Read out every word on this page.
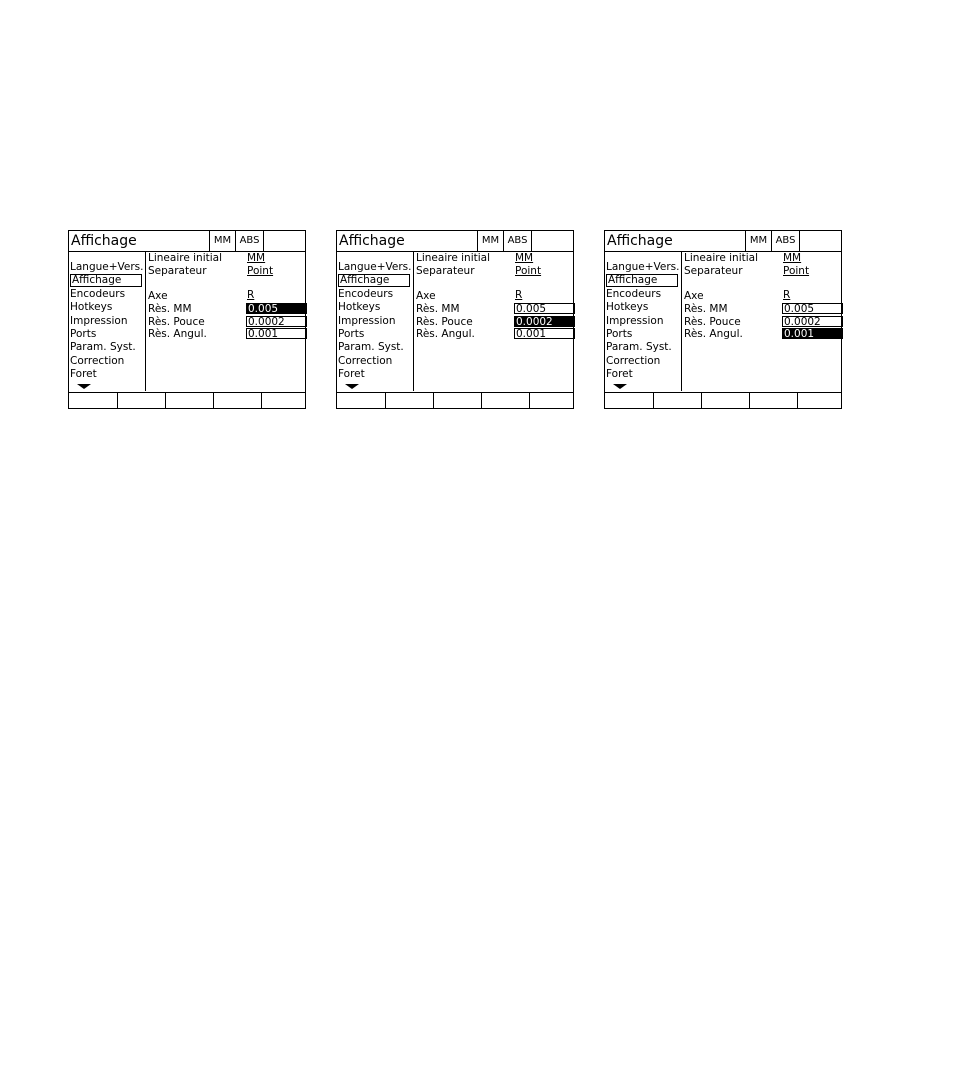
Affichage	MM ABS
Langue+Vers.
Affichage
Encodeurs
Hotkeys
Impression
Ports
Param. Syst.
Correction
Foret
Lineaire initial MM
Separateur	Point
Axe	R
Rès. MM	0.005
Rès. Pouce	0.0002
Rès. Angul.	0.001
Affichage	MM ABS
Langue+Vers.
Affichage
Encodeurs
Hotkeys
Impression
Ports
Param. Syst.
Correction
Foret
Lineaire initial MM
Separateur	Point
Axe	R
Rès. MM	0.005
Rès. Pouce	0.0002
Rès. Angul.	0.001
Affichage	MM ABS
Langue+Vers.
Affichage
Encodeurs
Hotkeys
Impression
Ports
Param. Syst.
Correction
Foret
Lineaire initial MM
Separateur	Point
Axe	R
Rès. MM	0.005
Rès. Pouce	0.0002
Rès. Angul.	0.001
